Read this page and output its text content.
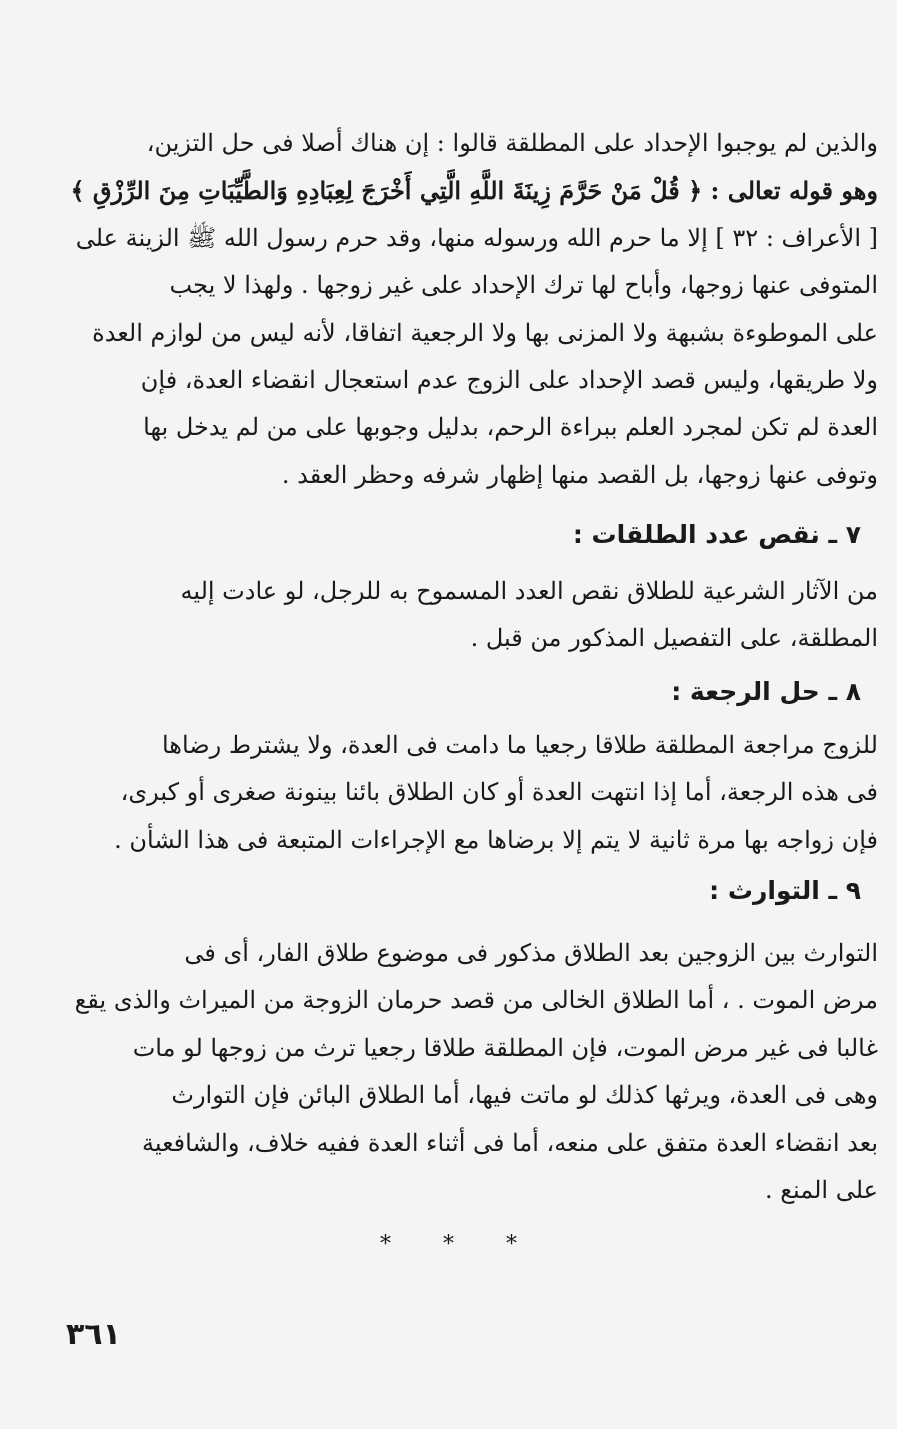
والذين لم يوجبوا الإحداد على المطلقة قالوا : إن هناك أصلا فى حل التزين،
وهو قوله تعالى : ﴿ قُلْ مَنْ حَرَّمَ زِينَةَ اللَّهِ الَّتِي أَخْرَجَ لِعِبَادِهِ وَالطَّيِّبَاتِ مِنَ الرِّزْقِ ﴾
[ الأعراف : ٣٢ ] إلا ما حرم الله ورسوله منها، وقد حرم رسول الله ﷺ الزينة على
المتوفى عنها زوجها، وأباح لها ترك الإحداد على غير زوجها . ولهذا لا يجب
على الموطوءة بشبهة ولا المزنى بها ولا الرجعية اتفاقا، لأنه ليس من لوازم العدة
ولا طريقها، وليس قصد الإحداد على الزوج عدم استعجال انقضاء العدة، فإن
العدة لم تكن لمجرد العلم ببراءة الرحم، بدليل وجوبها على من لم يدخل بها
وتوفى عنها زوجها، بل القصد منها إظهار شرفه وحظر العقد .
٧ ـ نقص عدد الطلقات :
من الآثار الشرعية للطلاق نقص العدد المسموح به للرجل، لو عادت إليه
المطلقة، على التفصيل المذكور من قبل .
٨ ـ حل الرجعة :
للزوج مراجعة المطلقة طلاقا رجعيا ما دامت فى العدة، ولا يشترط رضاها
فى هذه الرجعة، أما إذا انتهت العدة أو كان الطلاق بائنا بينونة صغرى أو كبرى،
فإن زواجه بها مرة ثانية لا يتم إلا برضاها مع الإجراءات المتبعة فى هذا الشأن .
٩ ـ التوارث :
التوارث بين الزوجين بعد الطلاق مذكور فى موضوع طلاق الفار، أى فى
مرض الموت . ، أما الطلاق الخالى من قصد حرمان الزوجة من الميراث والذى يقع
غالبا فى غير مرض الموت، فإن المطلقة طلاقا رجعيا ترث من زوجها لو مات
وهى فى العدة، ويرثها كذلك لو ماتت فيها، أما الطلاق البائن فإن التوارث
بعد انقضاء العدة متفق على منعه، أما فى أثناء العدة ففيه خلاف، والشافعية
على المنع .
* * *
٣٦١
